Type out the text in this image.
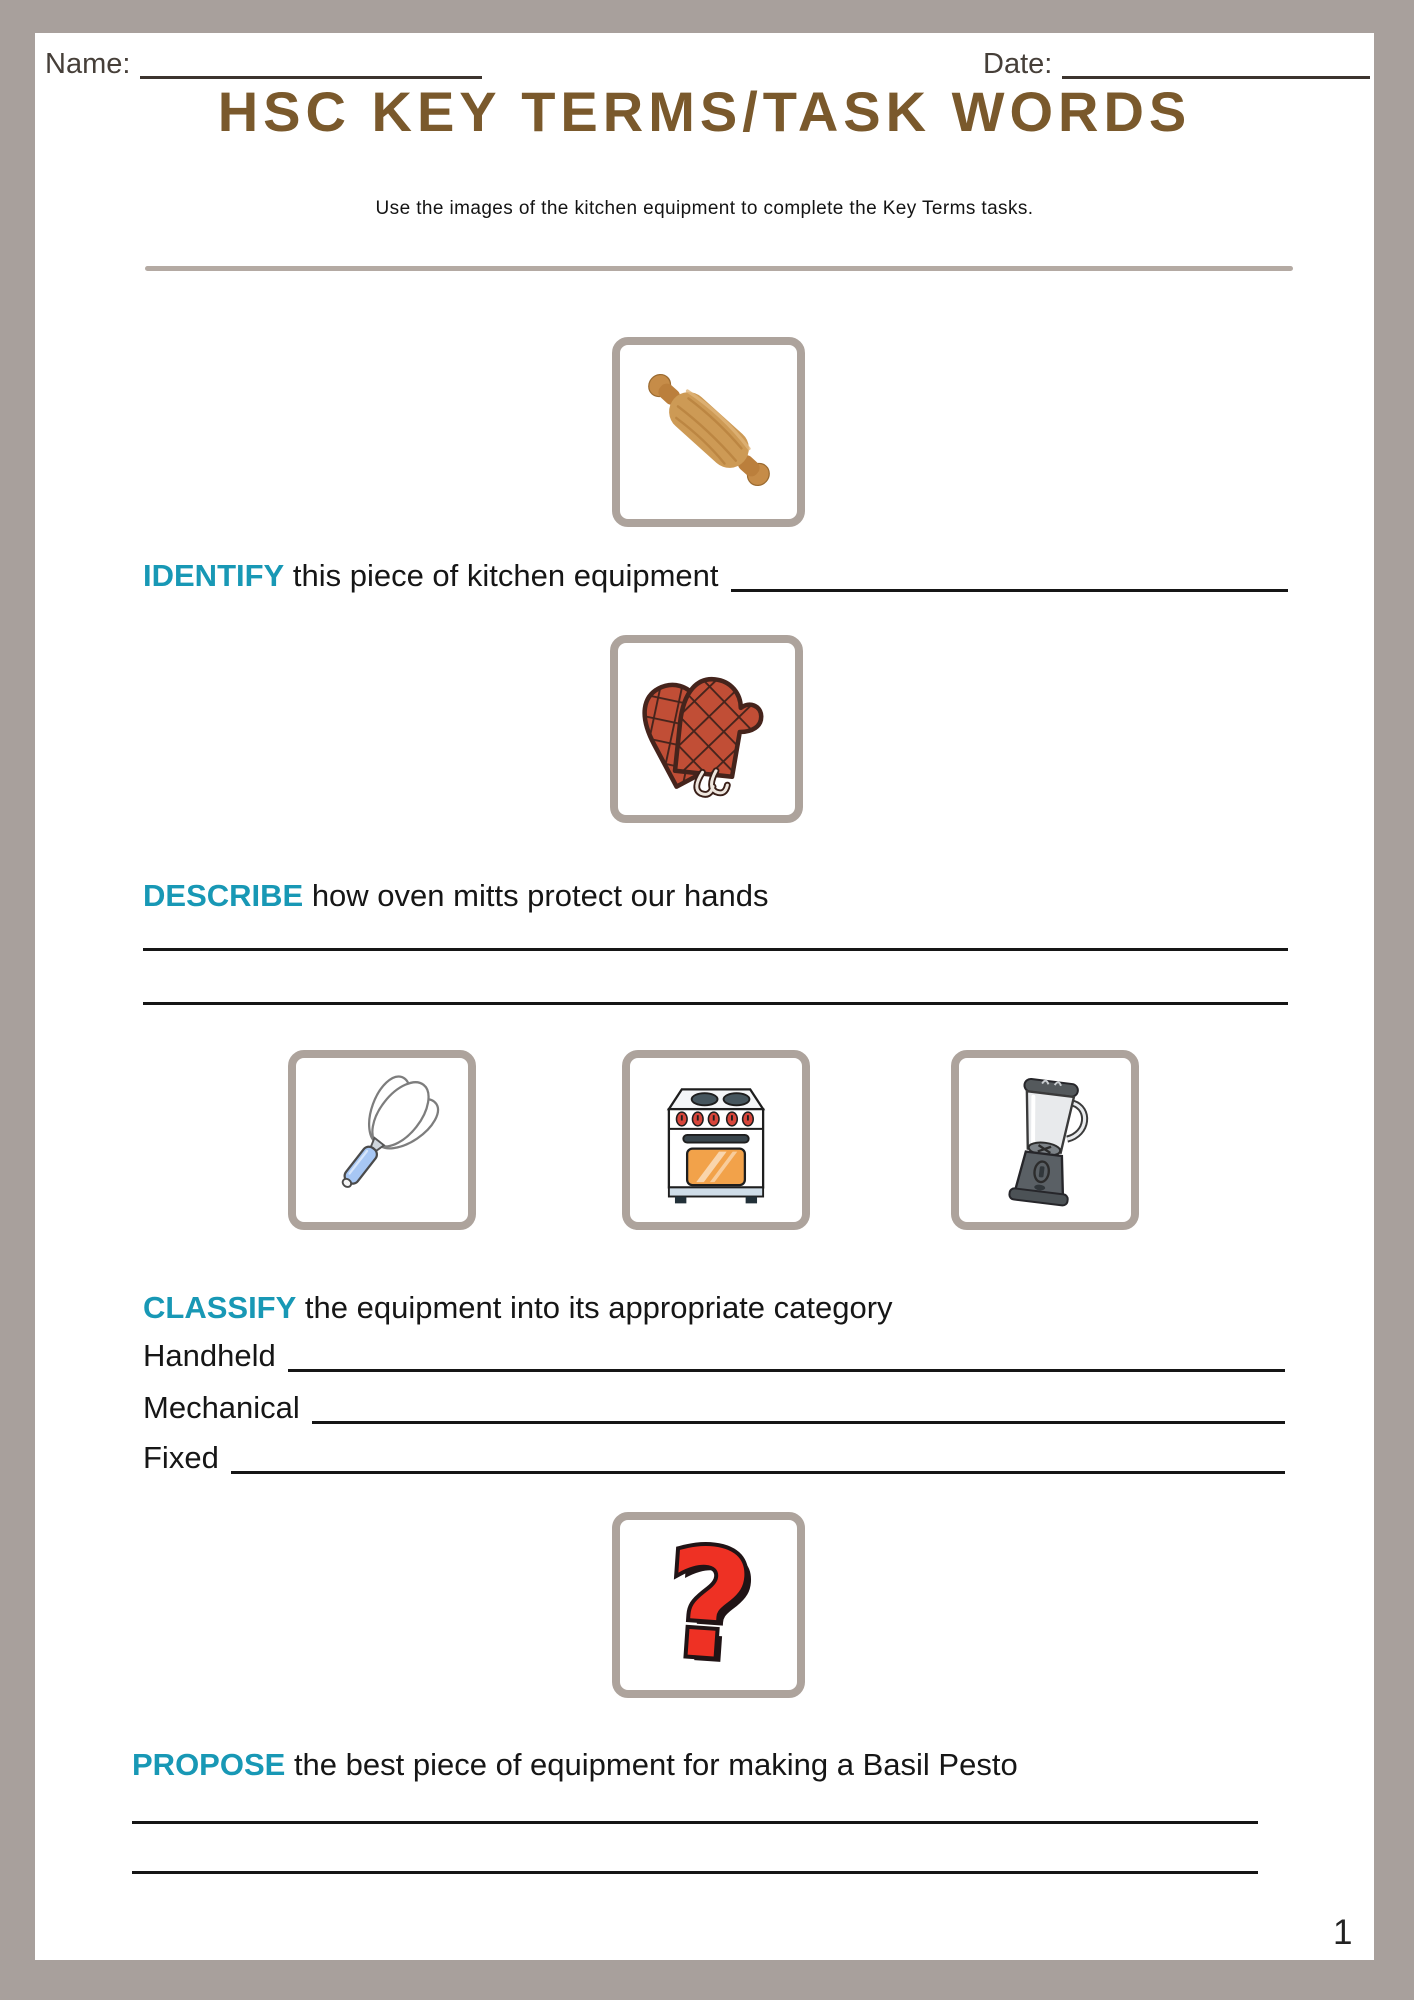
Name:	Date:
HSC KEY TERMS/TASK WORDS
Use the images of the kitchen equipment to complete the Key Terms tasks.
IDENTIFY this piece of kitchen equipment
DESCRIBE how oven mitts protect our hands
CLASSIFY the equipment into its appropriate category
Handheld
Mechanical
Fixed
?
PROPOSE the best piece of equipment for making a Basil Pesto
1
